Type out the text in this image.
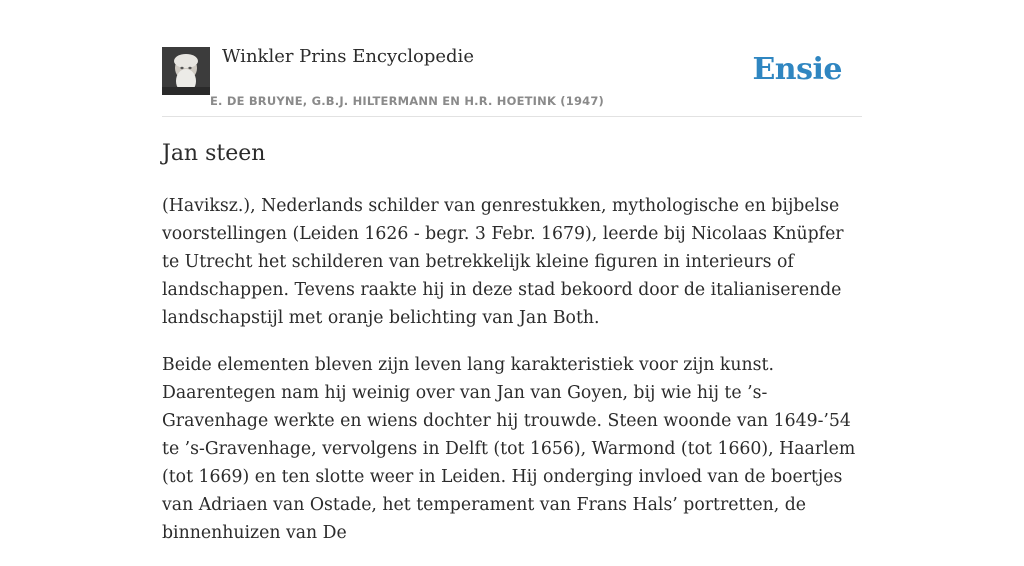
Winkler Prins Encyclopedie
E. DE BRUYNE, G.B.J. HILTERMANN EN H.R. HOETINK (1947)
Ensie
Jan steen

(Haviksz.), Nederlands schilder van genrestukken, mythologische en bijbelse voorstellingen (Leiden 1626 - begr. 3 Febr. 1679), leerde bij Nicolaas Knüpfer te Utrecht het schilderen van betrekkelijk kleine figuren in interieurs of landschappen. Tevens raakte hij in deze stad bekoord door de italianiserende landschapstijl met oranje belichting van Jan Both.

Beide elementen bleven zijn leven lang karakteristiek voor zijn kunst. Daarentegen nam hij weinig over van Jan van Goyen, bij wie hij te ’s-Gravenhage werkte en wiens dochter hij trouwde. Steen woonde van 1649-’54 te ’s-Gravenhage, vervolgens in Delft (tot 1656), Warmond (tot 1660), Haarlem (tot 1669) en ten slotte weer in Leiden. Hij onderging invloed van de boertjes van Adriaen van Ostade, het temperament van Frans Hals’ portretten, de binnenhuizen van De
